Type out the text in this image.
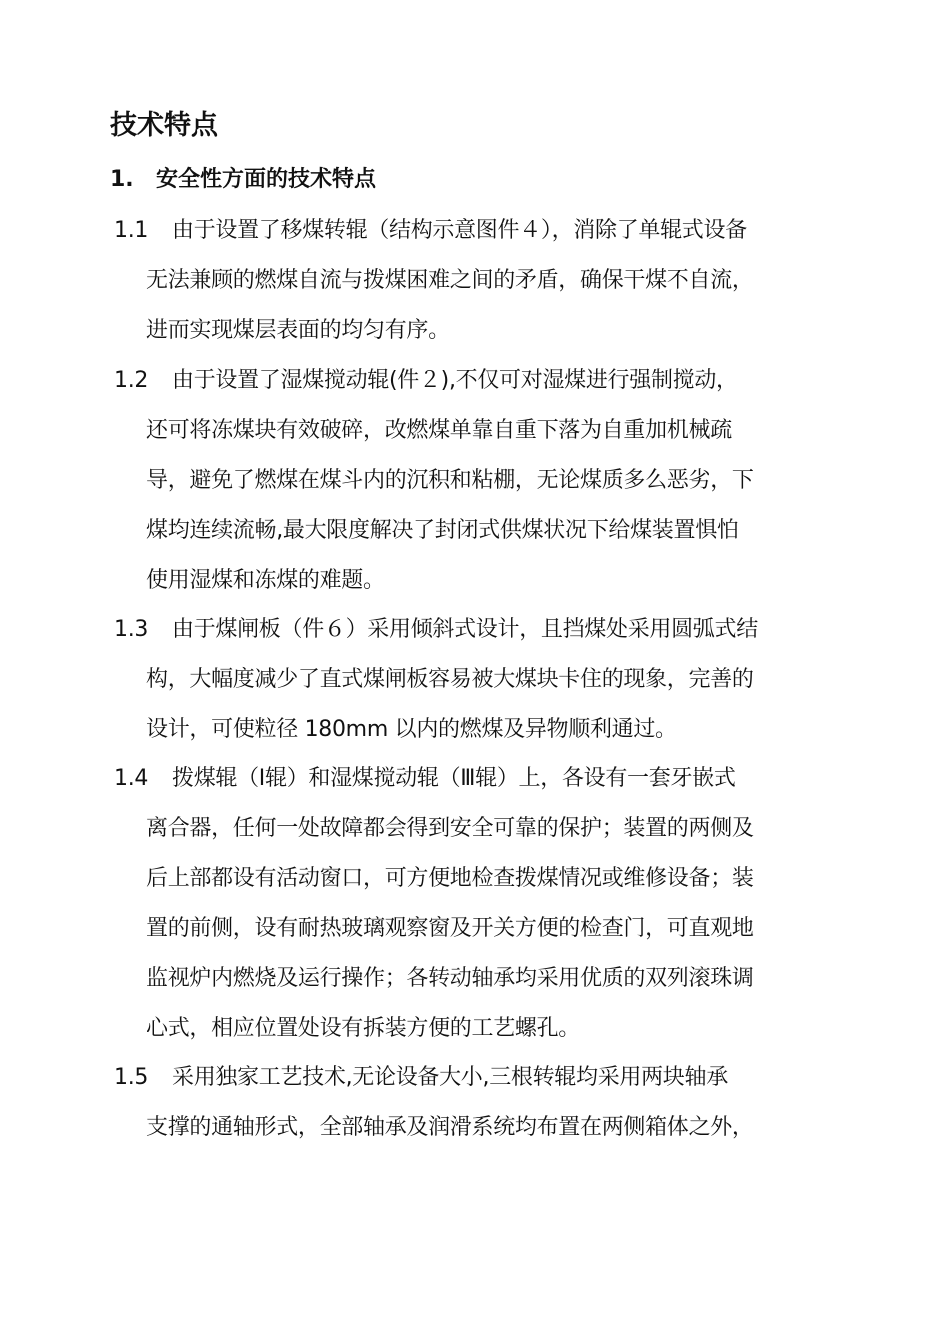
技术特点
1. 安全性方面的技术特点
1.1 由于设置了移煤转辊（结构示意图件４），消除了单辊式设备
无法兼顾的燃煤自流与拨煤困难之间的矛盾，确保干煤不自流，
进而实现煤层表面的均匀有序。
1.2 由于设置了湿煤搅动辊(件２),不仅可对湿煤进行强制搅动，
还可将冻煤块有效破碎，改燃煤单靠自重下落为自重加机械疏
导，避免了燃煤在煤斗内的沉积和粘棚，无论煤质多么恶劣，下
煤均连续流畅,最大限度解决了封闭式供煤状况下给煤装置惧怕
使用湿煤和冻煤的难题。
1.3 由于煤闸板（件６）采用倾斜式设计，且挡煤处采用圆弧式结
构，大幅度减少了直式煤闸板容易被大煤块卡住的现象，完善的
设计，可使粒径 180mm 以内的燃煤及异物顺利通过。
1.4 拨煤辊（Ⅰ辊）和湿煤搅动辊（Ⅲ辊）上，各设有一套牙嵌式
离合器，任何一处故障都会得到安全可靠的保护；装置的两侧及
后上部都设有活动窗口，可方便地检查拨煤情况或维修设备；装
置的前侧，设有耐热玻璃观察窗及开关方便的检查门，可直观地
监视炉内燃烧及运行操作；各转动轴承均采用优质的双列滚珠调
心式，相应位置处设有拆装方便的工艺螺孔。
1.5 采用独家工艺技术,无论设备大小,三根转辊均采用两块轴承
支撑的通轴形式，全部轴承及润滑系统均布置在两侧箱体之外，
